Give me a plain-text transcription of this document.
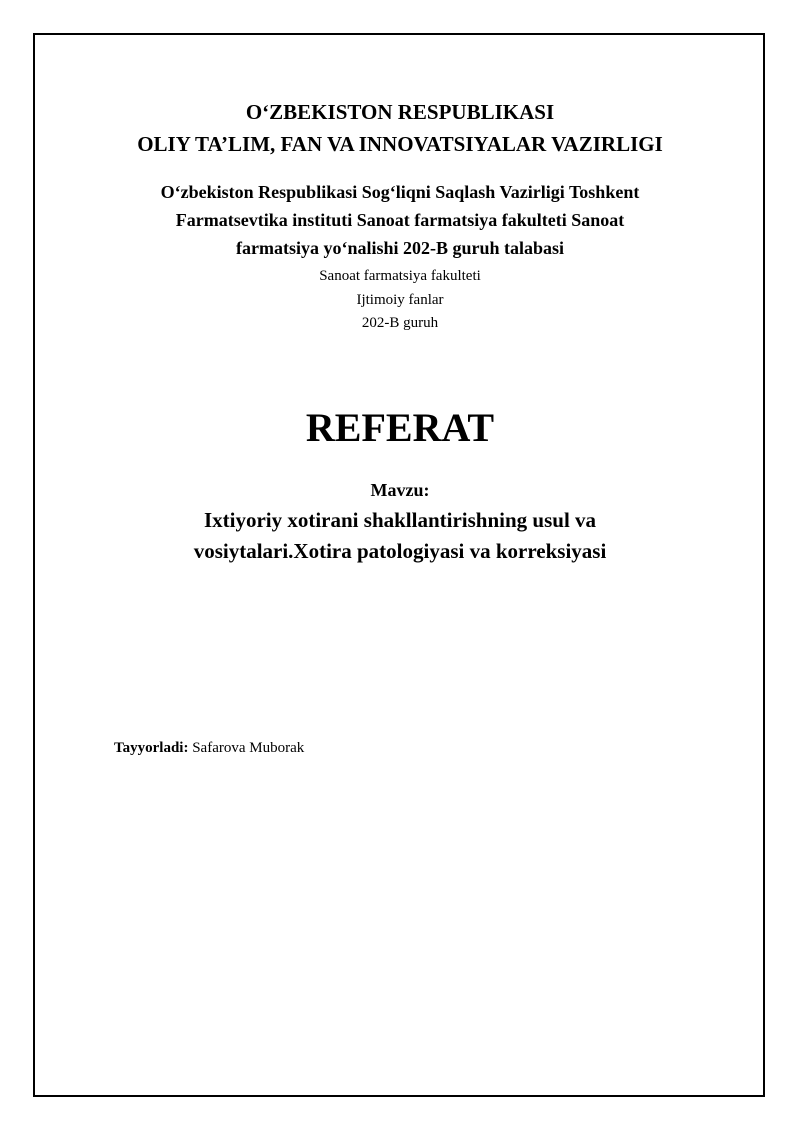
O‘ZBEKISTON RESPUBLIKASI
OLIY TA’LIM, FAN VA INNOVATSIYALAR VAZIRLIGI
O‘zbekiston Respublikasi Sog‘liqni Saqlash Vazirligi Toshkent
Farmatsevtika instituti Sanoat farmatsiya fakulteti Sanoat
farmatsiya yo‘nalishi 202-B guruh talabasi
Sanoat farmatsiya fakulteti
Ijtimoiy fanlar
202-B guruh
REFERAT
Mavzu:
Ixtiyoriy xotirani shakllantirishning usul va
vosiytalari.Xotira patologiyasi va korreksiyasi
Tayyorladi: Safarova Muborak
